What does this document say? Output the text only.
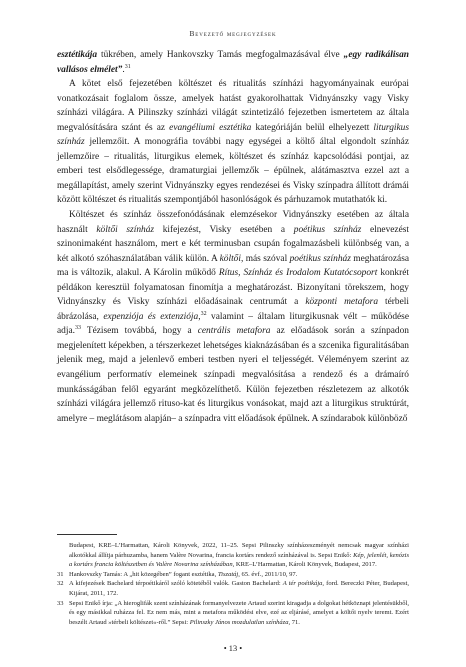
Bevezető megjegyzések

esztétikája tükrében, amely Hankovszky Tamás megfogalmazásával élve „egy radikálisan vallásos elmélet”.$^{31}$

A kötet első fejezetében költészet és ritualitás színházi hagyományainak európai vonatkozásait foglalom össze, amelyek hatást gyakorolhattak Vidnyánszky vagy Visky színházi világára. A Pilinszky színházi világát szintetizáló fejezetben ismertetem az általa megvalósítására szánt és az evangéliumi esztétika kategóriáján belül elhelyezett liturgikus színház jellemzőit. A monográfia további nagy egységei a költő által elgondolt színház jellemzőire – ritualitás, liturgikus elemek, költészet és színház kapcsolódási pontjai, az emberi test elsődlegessége, dramaturgiai jellemzők – épülnek, alátámasztva ezzel azt a megállapítást, amely szerint Vidnyánszky egyes rendezései és Visky színpadra állított drámái között költészet és ritualitás szempontjából hasonlóságok és párhuzamok mutathatók ki.

Költészet és színház összefonódásának elemzésekor Vidnyánszky esetében az általa használt költői színház kifejezést, Visky esetében a poétikus színház elnevezést szinonimaként használom, mert e két terminusban csupán fogalmazásbeli különbség van, a két alkotó szóhasználatában válik külön. A költői, más szóval poétikus színház meghatározása ma is változik, alakul. A Károlin működő Rítus, Színház és Irodalom Kutatócsoport konkrét példákon keresztül folyamatosan finomítja a meghatározást. Bizonyítani törekszem, hogy Vidnyánszky és Visky színházi előadásainak centrumát a központi metafora térbeli ábrázolása, expenziója és extenziója,$^{32}$ valamint – általam liturgikusnak vélt – működése adja.$^{33}$ Tézisem továbbá, hogy a centrális metafora az előadások során a színpadon megjelenített képekben, a térszerkezet lehetséges kiaknázásában és a szcenika figuralitásában jelenik meg, majd a jelenlevő emberi testben nyeri el teljességét. Véleményem szerint az evangélium performatív elemeinek színpadi megvalósítása a rendező és a drámaíró munkásságában felől egyaránt megközelíthető. Külön fejezetben részletezem az alkotók színházi világára jellemző rituso-kat és liturgikus vonásokat, majd azt a liturgikus struktúrát, amelyre – meglátásom alapján– a színpadra vitt előadások épülnek. A színdarabok különböző

Budapest, KRE–L’Harmattan, Károli Könyvek, 2022, 11–25. Sepsi Pilinszky színházeszményét nemcsak magyar színházi alkotókkal állítja párhuzamba, hanem Valère Novarina, francia kortárs rendező színházával is. Sepsi Enikő: Kép, jelenlét, kenózis a kortárs francia költészetben és Valère Novarina színházában, KRE–L’Harmattan, Károli Könyvek, Budapest, 2017.
31 Hankovszky Tamás: A „hit közegében” fogant esztétika, Tiszatáj, 65. évf., 2011/10, 97.
32 A kifejezések Bachelard térpoétikáról szóló kötetéből valók. Gaston Bachelard: A tér poétikája, ford. Bereczki Péter, Budapest, Kijárat, 2011, 172.
33 Sepsi Enikő írja: „A hieroglifák szent színházának formanyelvezete Artaud szerint kiragadja a dolgokat hétköznapi jelentésükből, és egy másikkal ruházza fel. Ez nem más, mint a metafora működési elve, ezé az eljárásé, amelyet a költői nyelv teremt. Ezért beszélt Artaud »térbeli költészet«-ről.” Sepsi: Pilinszky János mozdulatlan színháza, 71.
• 13 •
